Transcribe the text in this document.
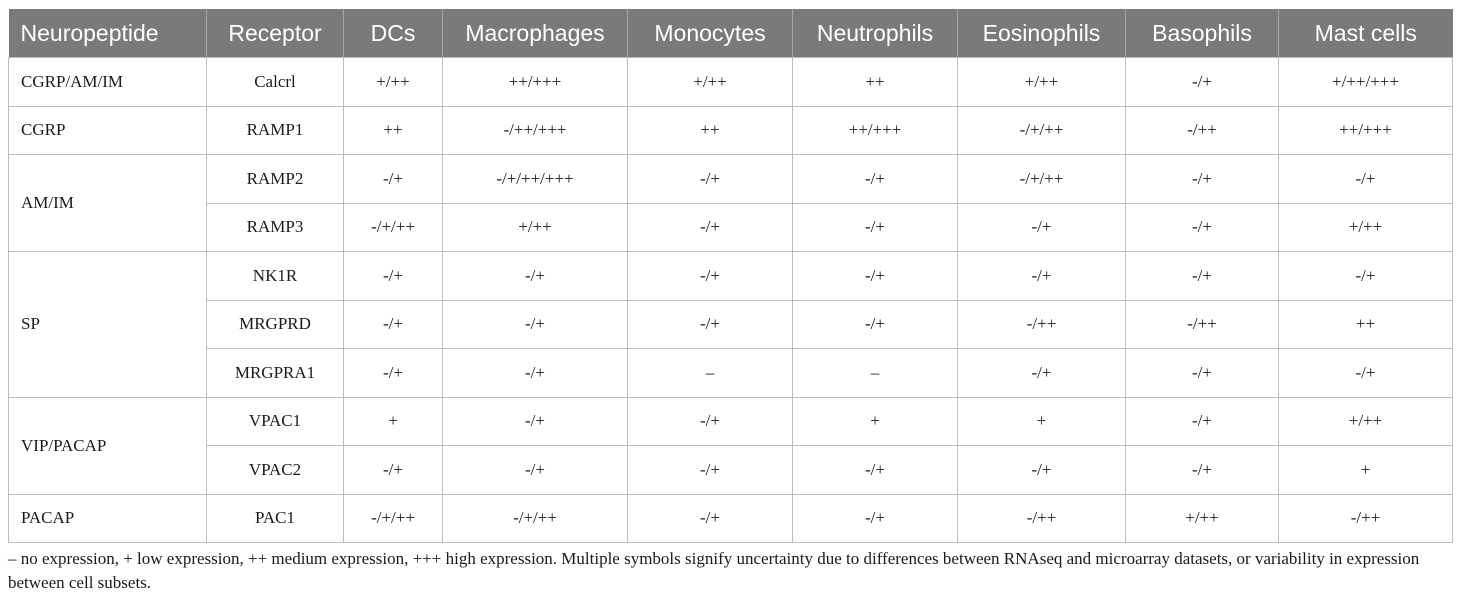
Neuropeptide	Receptor	DCs	Macrophages	Monocytes	Neutrophils	Eosinophils	Basophils	Mast cells
CGRP/AM/IM	Calcrl	+/++	++/+++	+/++	++	+/++	-/+	+/++/+++
CGRP	RAMP1	++	-/++/+++	++	++/+++	-/+/++	-/++	++/+++
AM/IM	RAMP2	-/+	-/+/++/+++	-/+	-/+	-/+/++	-/+	-/+
	RAMP3	-/+/++	+/++	-/+	-/+	-/+	-/+	+/++
SP	NK1R	-/+	-/+	-/+	-/+	-/+	-/+	-/+
	MRGPRD	-/+	-/+	-/+	-/+	-/++	-/++	++
	MRGPRA1	-/+	-/+	–	–	-/+	-/+	-/+
VIP/PACAP	VPAC1	+	-/+	-/+	+	+	-/+	+/++
	VPAC2	-/+	-/+	-/+	-/+	-/+	-/+	+
PACAP	PAC1	-/+/++	-/+/++	-/+	-/+	-/++	+/++	-/++
– no expression, + low expression, ++ medium expression, +++ high expression. Multiple symbols signify uncertainty due to differences between RNAseq and microarray datasets, or variability in expression between cell subsets.
